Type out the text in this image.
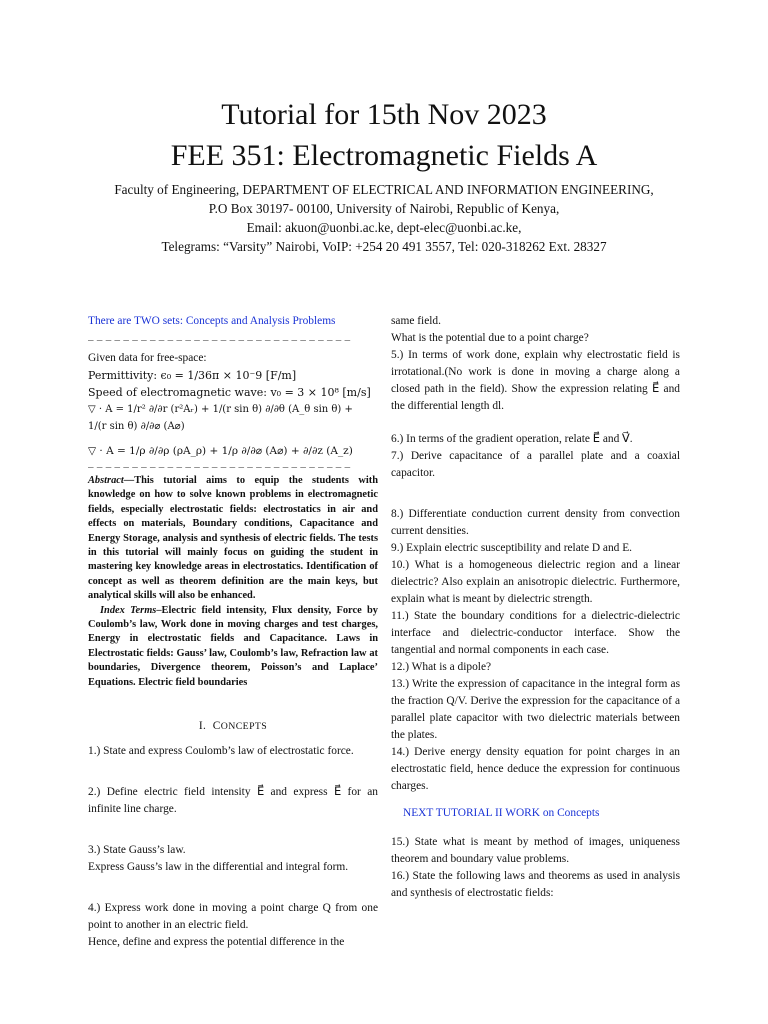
Tutorial for 15th Nov 2023
FEE 351: Electromagnetic Fields A
Faculty of Engineering, DEPARTMENT OF ELECTRICAL AND INFORMATION ENGINEERING,
P.O Box 30197- 00100, University of Nairobi, Republic of Kenya,
Email: akuon@uonbi.ac.ke, dept-elec@uonbi.ac.ke,
Telegrams: “Varsity” Nairobi, VoIP: +254 20 491 3557, Tel: 020-318262 Ext. 28327

There are TWO sets: Concepts and Analysis Problems

– – – – – – – – – – – – – – – – – – – – – – – – – – – – – –

Given data for free-space:

Permittivity: ϵ₀ = 1/36π × 10⁻9 [F/m]

Speed of electromagnetic wave: v₀ = 3 × 10⁸ [m/s]

▽ · A = 1/r² ∂/∂r (r²Aᵣ) + 1/(r sin θ) ∂/∂θ (A_θ sin θ) +

1/(r sin θ) ∂/∂⌀ (A⌀)

▽ · A = 1/ρ ∂/∂ρ (ρA_ρ) + 1/ρ ∂/∂⌀ (A⌀) + ∂/∂z (A_z)

– – – – – – – – – – – – – – – – – – – – – – – – – – – – – –

Abstract—This tutorial aims to equip the students with knowledge on how to solve known problems in electromagnetic fields, especially electrostatic fields: electrostatics in air and effects on materials, Boundary conditions, Capacitance and Energy Storage, analysis and synthesis of electric fields. The tests in this tutorial will mainly focus on guiding the student in mastering key knowledge areas in electrostatics. Identification of concept as well as theorem definition are the main keys, but analytical skills will also be enhanced.

Index Terms–Electric field intensity, Flux density, Force by Coulomb’s law, Work done in moving charges and test charges, Energy in electrostatic fields and Capacitance. Laws in Electrostatic fields: Gauss’ law, Coulomb’s law, Refraction law at boundaries, Divergence theorem, Poisson’s and Laplace’ Equations. Electric field boundaries

I. CONCEPTS

1.) State and express Coulomb’s law of electrostatic force.

2.) Define electric field intensity E⃗ and express E⃗ for an infinite line charge.

3.) State Gauss’s law.

Express Gauss’s law in the differential and integral form.

4.) Express work done in moving a point charge Q from one point to another in an electric field.

Hence, define and express the potential difference in the

same field.

What is the potential due to a point charge?

5.) In terms of work done, explain why electrostatic field is irrotational.(No work is done in moving a charge along a closed path in the field). Show the expression relating E⃗ and the differential length dl.

6.) In terms of the gradient operation, relate E⃗ and V⃗.

7.) Derive capacitance of a parallel plate and a coaxial capacitor.

8.) Differentiate conduction current density from convection current densities.

9.) Explain electric susceptibility and relate D and E.

10.) What is a homogeneous dielectric region and a linear dielectric? Also explain an anisotropic dielectric. Furthermore, explain what is meant by dielectric strength.

11.) State the boundary conditions for a dielectric-dielectric interface and dielectric-conductor interface. Show the tangential and normal components in each case.

12.) What is a dipole?

13.) Write the expression of capacitance in the integral form as the fraction Q/V. Derive the expression for the capacitance of a parallel plate capacitor with two dielectric materials between the plates.

14.) Derive energy density equation for point charges in an electrostatic field, hence deduce the expression for continuous charges.

NEXT TUTORIAL II WORK on Concepts

15.) State what is meant by method of images, uniqueness theorem and boundary value problems.

16.) State the following laws and theorems as used in analysis and synthesis of electrostatic fields:
